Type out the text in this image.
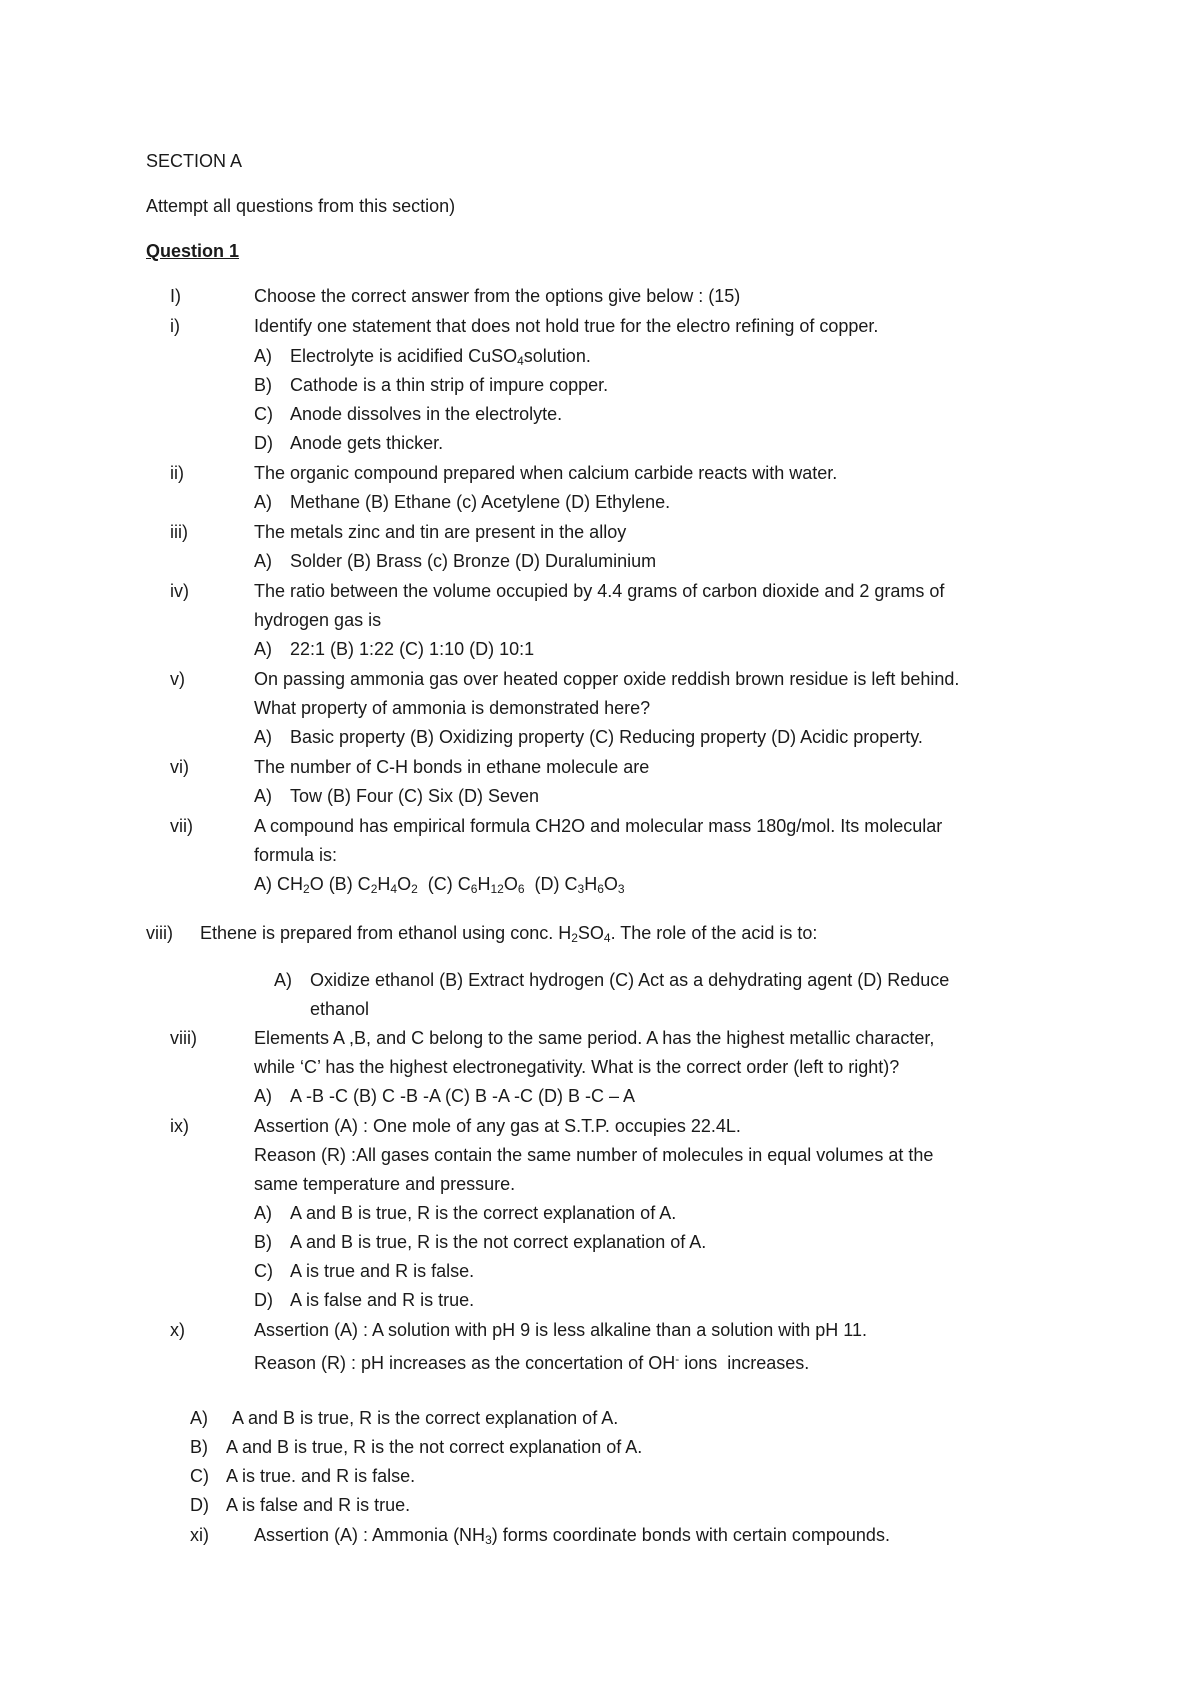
SECTION A
Attempt all questions from this section)
Question 1
I)	Choose the correct answer from the options give below : (15)
i)	Identify one statement that does not hold true for the electro refining of copper.
A) Electrolyte is acidified CuSO$_4$solution.
B) Cathode is a thin strip of impure copper.
C) Anode dissolves in the electrolyte.
D) Anode gets thicker.
ii)	The organic compound prepared when calcium carbide reacts with water.
A) Methane (B) Ethane (c) Acetylene (D) Ethylene.
iii)	The metals zinc and tin are present in the alloy
A) Solder (B) Brass (c) Bronze (D) Duraluminium
iv)	The ratio between the volume occupied by 4.4 grams of carbon dioxide and 2 grams of
hydrogen gas is
A) 22:1 (B) 1:22 (C) 1:10 (D) 10:1
v)	On passing ammonia gas over heated copper oxide reddish brown residue is left behind.
What property of ammonia is demonstrated here?
A) Basic property (B) Oxidizing property (C) Reducing property (D) Acidic property.
vi)	The number of C-H bonds in ethane molecule are
A) Tow (B) Four (C) Six (D) Seven
vii)	A compound has empirical formula CH2O and molecular mass 180g/mol. Its molecular
formula is:
A) $CH_2O$ (B) $C_2H_4O_2$  (C) $C_6H_{12}O_6$  (D) $C_3H_6O_3$
viii) Ethene is prepared from ethanol using conc. $H_2SO_4$. The role of the acid is to:
A) Oxidize ethanol (B) Extract hydrogen (C) Act as a dehydrating agent (D) Reduce
ethanol
viii)	Elements A ,B, and C belong to the same period. A has the highest metallic character,
while ‘C’ has the highest electronegativity. What is the correct order (left to right)?
A) A -B -C (B) C -B -A (C) B -A -C (D) B -C – A
ix)	Assertion (A) : One mole of any gas at S.T.P. occupies 22.4L.
Reason (R) :All gases contain the same number of molecules in equal volumes at the
same temperature and pressure.
A) A and B is true, R is the correct explanation of A.
B) A and B is true, R is the not correct explanation of A.
C) A is true and R is false.
D) A is false and R is true.
x)	Assertion (A) : A solution with pH 9 is less alkaline than a solution with pH 11.
Reason (R) : pH increases as the concertation of OH- ions  increases.
A) A and B is true, R is the correct explanation of A.
B) A and B is true, R is the not correct explanation of A.
C) A is true. and R is false.
D) A is false and R is true.
xi)	Assertion (A) : Ammonia $(NH_3)$ forms coordinate bonds with certain compounds.
